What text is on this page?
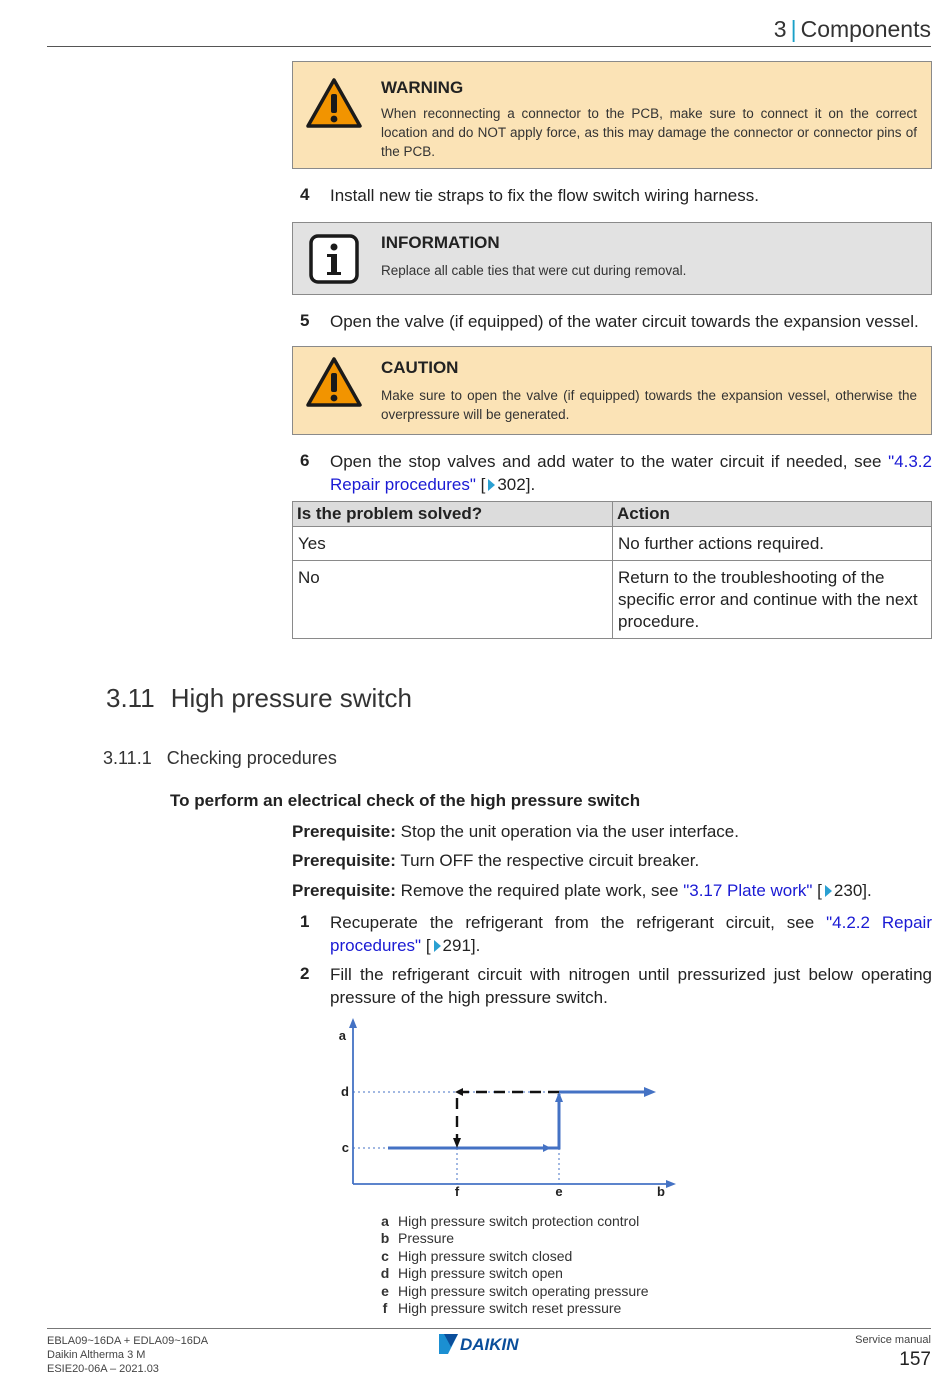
3 | Components
WARNING
When reconnecting a connector to the PCB, make sure to connect it on the correct location and do NOT apply force, as this may damage the connector or connector pins of the PCB.
4 Install new tie straps to fix the flow switch wiring harness.
INFORMATION
Replace all cable ties that were cut during removal.
5 Open the valve (if equipped) of the water circuit towards the expansion vessel.
CAUTION
Make sure to open the valve (if equipped) towards the expansion vessel, otherwise the overpressure will be generated.
6 Open the stop valves and add water to the water circuit if needed, see "4.3.2 Repair procedures" [ 302].
Is the problem solved?	Action
Yes	No further actions required.
No	Return to the troubleshooting of the specific error and continue with the next procedure.
3.11 High pressure switch
3.11.1 Checking procedures
To perform an electrical check of the high pressure switch
Prerequisite: Stop the unit operation via the user interface.
Prerequisite: Turn OFF the respective circuit breaker.
Prerequisite: Remove the required plate work, see "3.17 Plate work" [ 230].
1 Recuperate the refrigerant from the refrigerant circuit, see "4.2.2 Repair procedures" [ 291].
2 Fill the refrigerant circuit with nitrogen until pressurized just below operating pressure of the high pressure switch.
a
d
c
f	e	b
a High pressure switch protection control
b Pressure
c High pressure switch closed
d High pressure switch open
e High pressure switch operating pressure
f High pressure switch reset pressure
EBLA09~16DA + EDLA09~16DA
Daikin Altherma 3 M
ESIE20-06A – 2021.03
DAIKIN	Service manual
157
